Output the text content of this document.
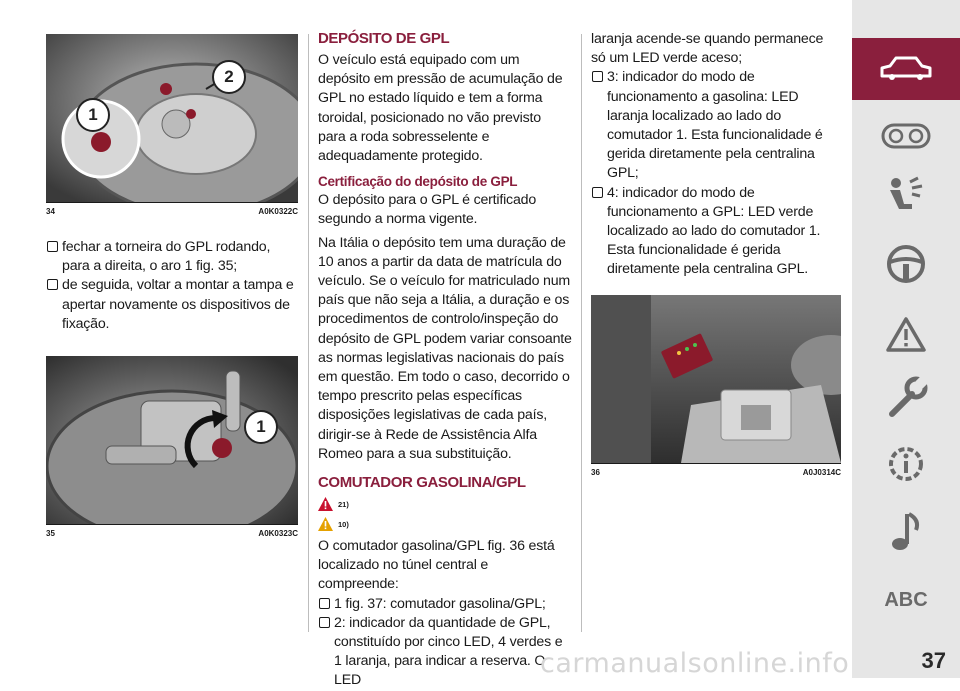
1
2
34	A0K0322C

fechar a torneira do GPL rodando, para a direita, o aro 1 fig. 35;

de seguida, voltar a montar a tampa e apertar novamente os dispositivos de fixação.

1
35	A0K0323C
DEPÓSITO DE GPL

O veículo está equipado com um depósito em pressão de acumulação de GPL no estado líquido e tem a forma toroidal, posicionado no vão previsto para a roda sobresselente e adequadamente protegido.

Certificação do depósito de GPL

O depósito para o GPL é certificado segundo a norma vigente.

Na Itália o depósito tem uma duração de 10 anos a partir da data de matrícula do veículo. Se o veículo for matriculado num país que não seja a Itália, a duração e os procedimentos de controlo/inspeção do depósito de GPL podem variar consoante as normas legislativas nacionais do país em questão. Em todo o caso, decorrido o tempo prescrito pelas específicas disposições legislativas de cada país, dirigir-se à Rede de Assistência Alfa Romeo para a sua substituição.

COMUTADOR GASOLINA/GPL
21)
10)

O comutador gasolina/GPL fig. 36 está localizado no túnel central e compreende:

1 fig. 37: comutador gasolina/GPL;

2: indicador da quantidade de GPL, constituído por cinco LED, 4 verdes e 1 laranja, para indicar a reserva. O LED

laranja acende-se quando permanece só um LED verde aceso;

3: indicador do modo de funcionamento a gasolina: LED laranja localizado ao lado do comutador 1. Esta funcionalidade é gerida diretamente pela centralina GPL;

4: indicador do modo de funcionamento a GPL: LED verde localizado ao lado do comutador 1. Esta funcionalidade é gerida diretamente pela centralina GPL.

36	A0J0314C
ABC
carmanualsonline.info	37
